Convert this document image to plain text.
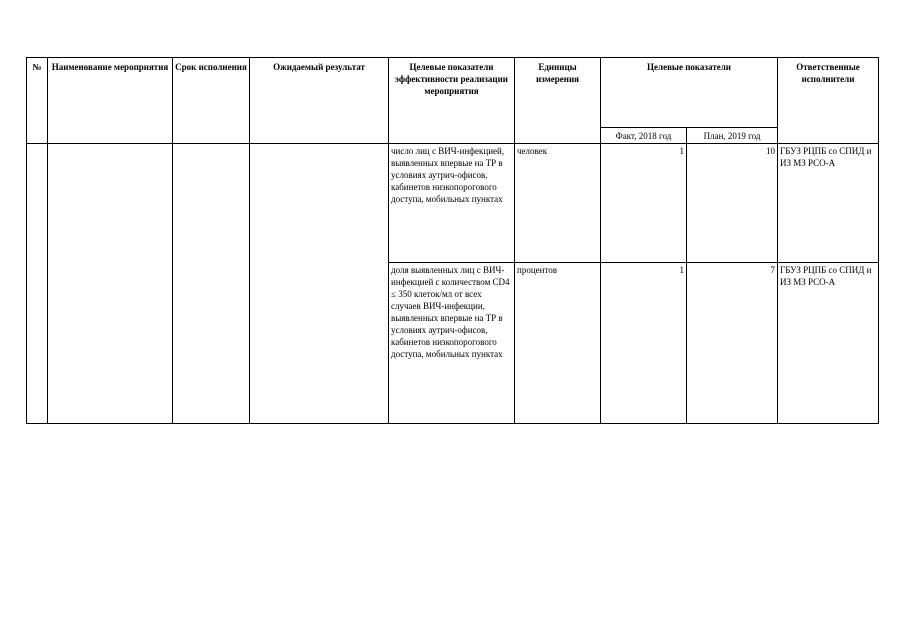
№	Наименование мероприятия	Срок исполнения	Ожидаемый результат	Целевые показатели эффективности реализации мероприятия	Единицы измерения	Целевые показатели		Ответственные исполнители
						Факт, 2018 год	План, 2019 год	
				число лиц с ВИЧ-инфекцией, выявленных впервые на ТР в условиях аутрич-офисов, кабинетов низкопорогового доступа, мобильных пунктах	человек	1	10	ГБУЗ РЦПБ со СПИД и ИЗ МЗ РСО-А
				доля выявленных лиц с ВИЧ-инфекцией с количеством CD4 ≤ 350 клеток/мл от всех случаев ВИЧ-инфекции, выявленных впервые на ТР в условиях аутрич-офисов, кабинетов низкопорогового доступа, мобильных пунктах	процентов	1	7	ГБУЗ РЦПБ со СПИД и ИЗ МЗ РСО-А
